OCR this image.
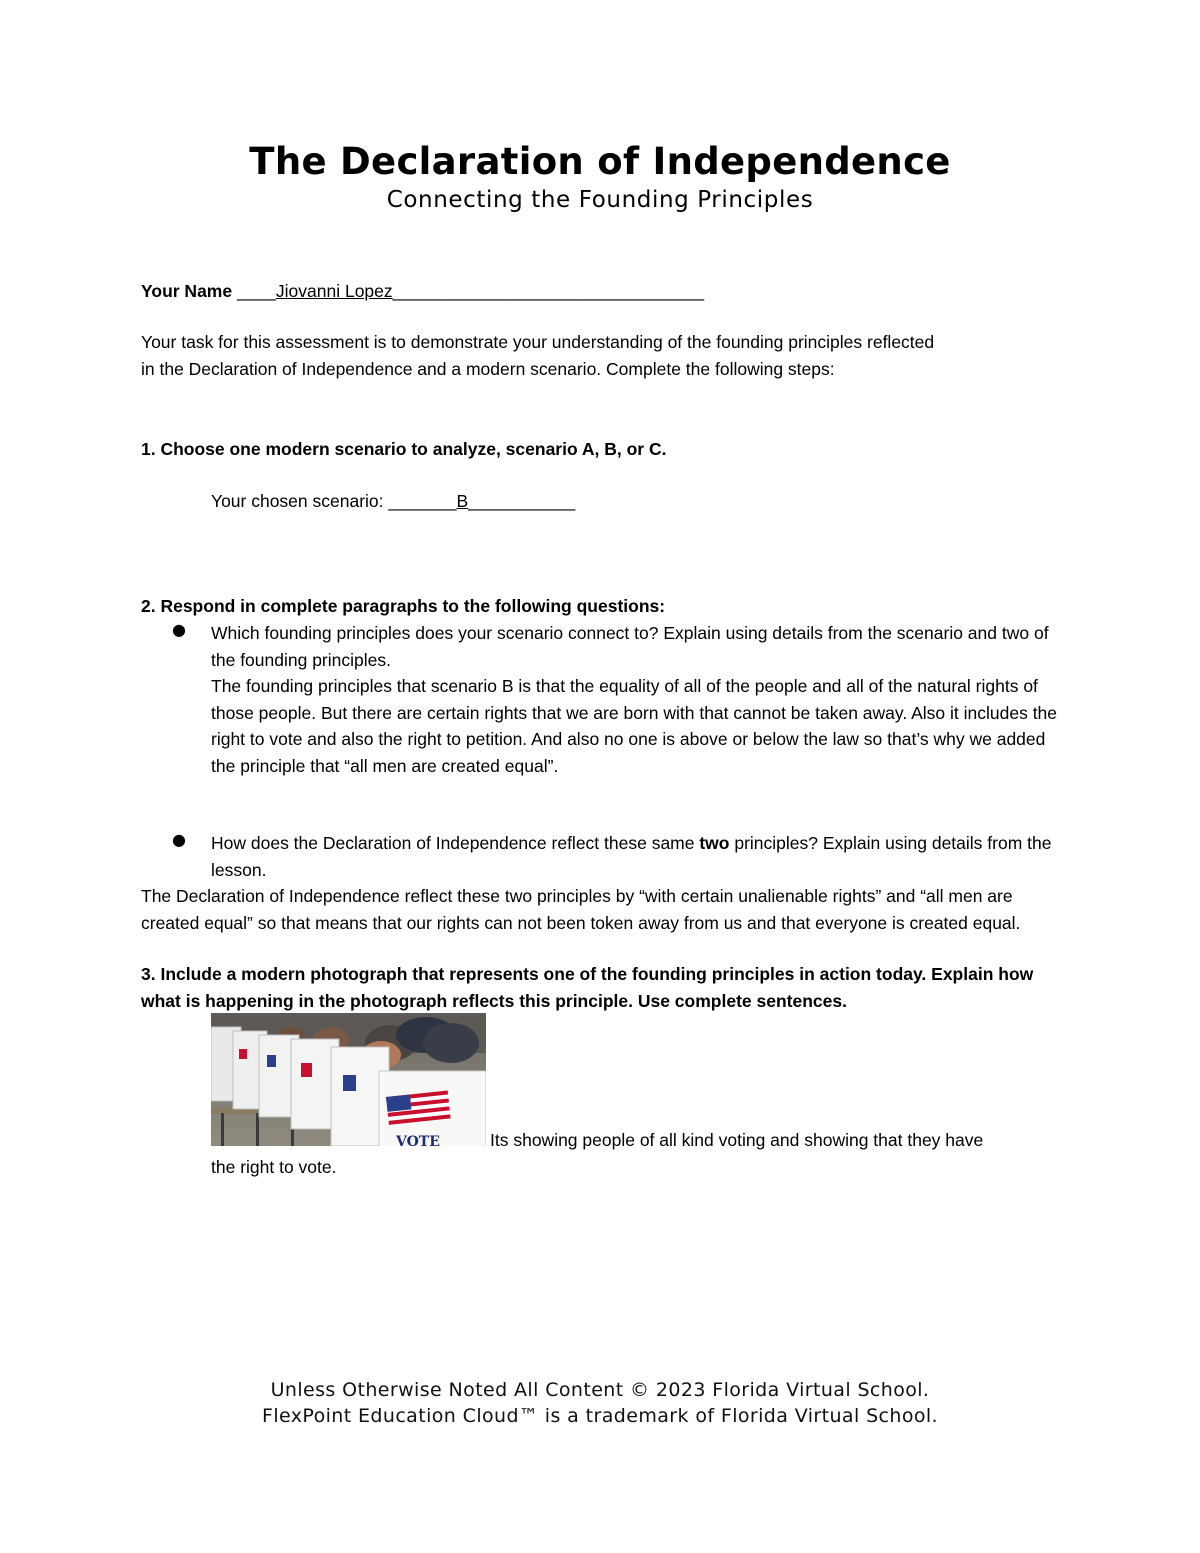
The Declaration of Independence
Connecting the Founding Principles
Your Name ____Jiovanni Lopez________________________________
Your task for this assessment is to demonstrate your understanding of the founding principles reflected
in the Declaration of Independence and a modern scenario. Complete the following steps:
1. Choose one modern scenario to analyze, scenario A, B, or C.
Your chosen scenario: _______B___________
2. Respond in complete paragraphs to the following questions:
● Which founding principles does your scenario connect to? Explain using details from the scenario and two of the founding principles.
The founding principles that scenario B is that the equality of all of the people and all of the natural rights of those people. But there are certain rights that we are born with that cannot be taken away. Also it includes the right to vote and also the right to petition. And also no one is above or below the law so that’s why we added the principle that “all men are created equal”.
● How does the Declaration of Independence reflect these same two principles? Explain using details from the lesson.
The Declaration of Independence reflect these two principles by “with certain unalienable rights” and “all men are created equal” so that means that our rights can not been token away from us and that everyone is created equal.
3. Include a modern photograph that represents one of the founding principles in action today. Explain how what is happening in the photograph reflects this principle. Use complete sentences.
VOTE	Its showing people of all kind voting and showing that they have
the right to vote.
Unless Otherwise Noted All Content © 2023 Florida Virtual School.
FlexPoint Education Cloud™ is a trademark of Florida Virtual School.
